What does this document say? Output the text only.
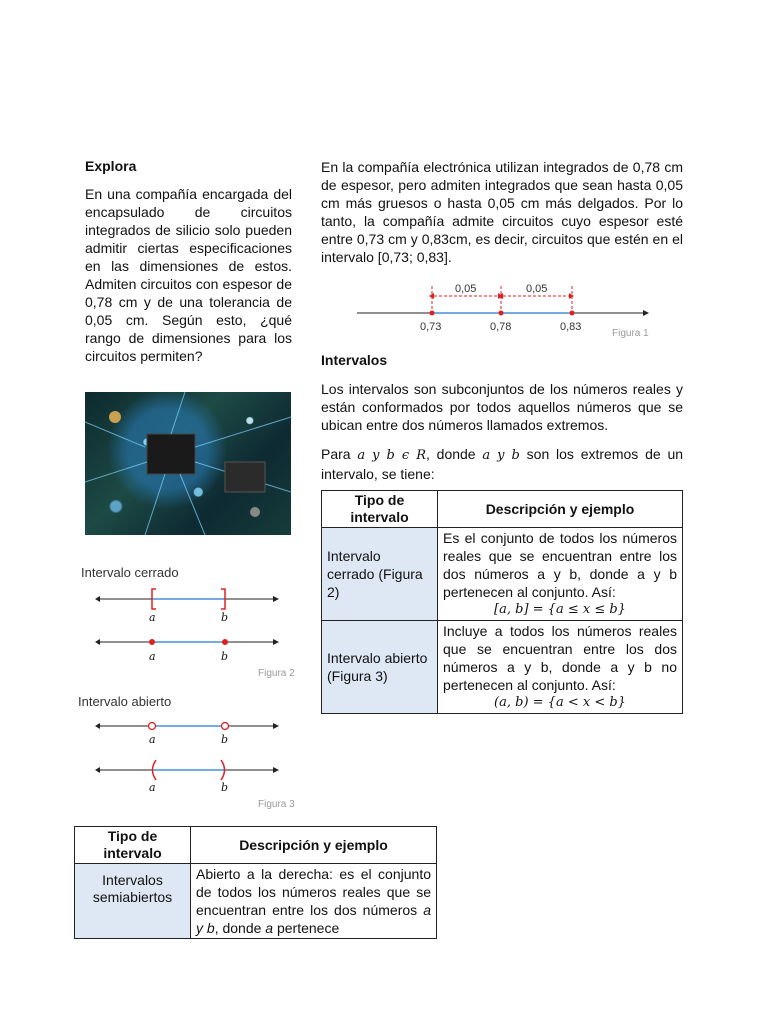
Explora
En una compañía encargada del encapsulado de circuitos integrados de silicio solo pueden admitir ciertas especificaciones en las dimensiones de estos. Admiten circuitos con espesor de 0,78 cm y de una tolerancia de 0,05 cm. Según esto, ¿qué rango de dimensiones para los circuitos permiten?
Intervalo cerrado
a	b
a	b
Figura 2
Intervalo abierto
a	b
a	b
Figura 3
Tipo de intervalo	Descripción y ejemplo
Intervalos semiabiertos	Abierto a la derecha: es el conjunto de todos los números reales que se encuentran entre los dos números a y b, donde a pertenece
En la compañía electrónica utilizan integrados de 0,78 cm de espesor, pero admiten integrados que sean hasta 0,05 cm más gruesos o hasta 0,05 cm más delgados. Por lo tanto, la compañía admite circuitos cuyo espesor esté entre 0,73 cm y 0,83cm, es decir, circuitos que estén en el intervalo [0,73; 0,83].
0,05	0,05
0,73	0,78	0,83
Figura 1
Intervalos
Los intervalos son subconjuntos de los números reales y están conformados por todos aquellos números que se ubican entre dos números llamados extremos.
Para a y b ϵ R, donde a y b son los extremos de un intervalo, se tiene:
Tipo de intervalo	Descripción y ejemplo
Intervalo cerrado (Figura 2)	Es el conjunto de todos los números reales que se encuentran entre los dos números a y b, donde a y b pertenecen al conjunto. Así:
[a, b] = {a ≤ x ≤ b}

Intervalo abierto (Figura 3)	Incluye a todos los números reales que se encuentran entre los dos números a y b, donde a y b no pertenecen al conjunto. Así:
(a, b) = {a < x < b}
